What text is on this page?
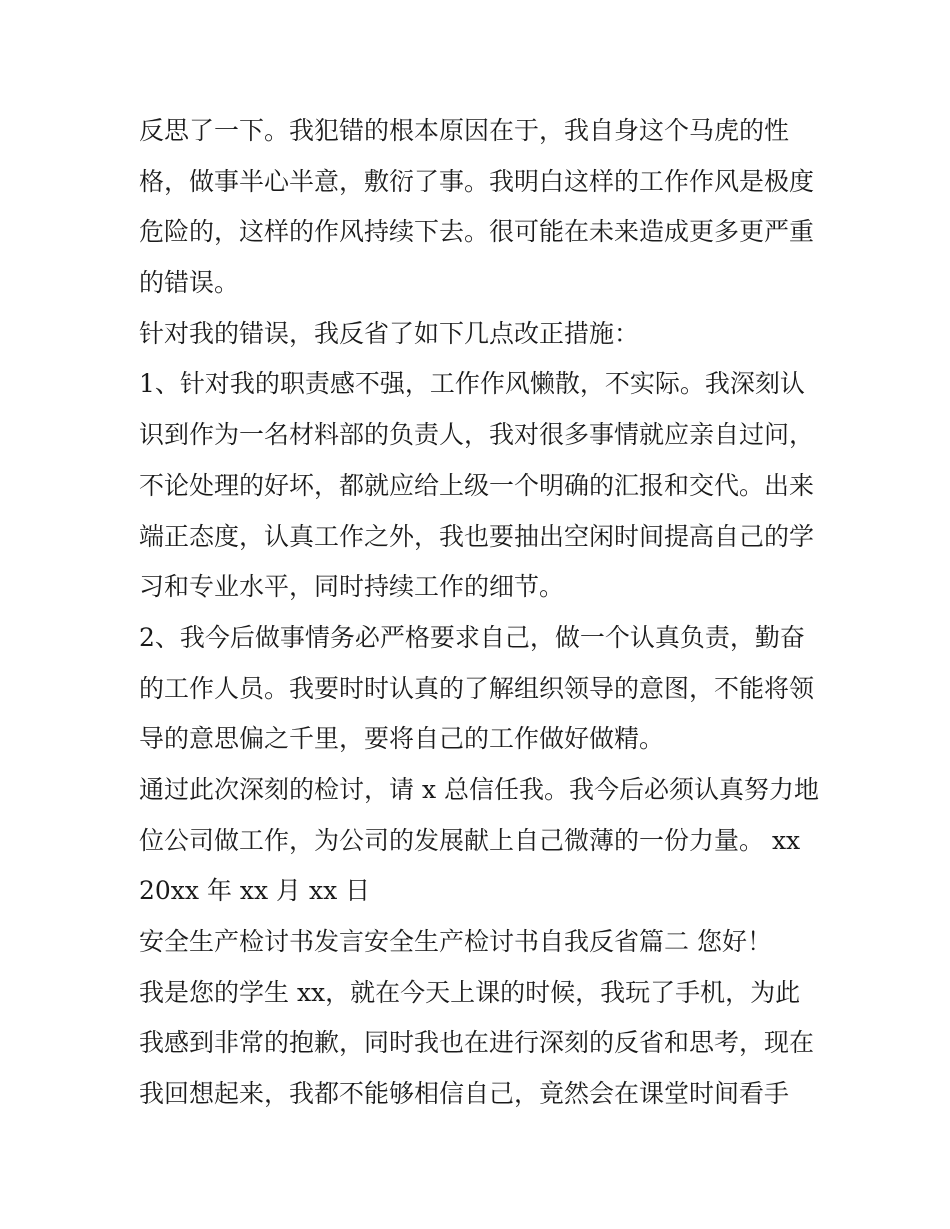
反思了一下。我犯错的根本原因在于，我自身这个马虎的性
格，做事半心半意，敷衍了事。我明白这样的工作作风是极度
危险的，这样的作风持续下去。很可能在未来造成更多更严重
的错误。
针对我的错误，我反省了如下几点改正措施：
1、针对我的职责感不强，工作作风懒散，不实际。我深刻认
识到作为一名材料部的负责人，我对很多事情就应亲自过问，
不论处理的好坏，都就应给上级一个明确的汇报和交代。出来
端正态度，认真工作之外，我也要抽出空闲时间提高自己的学
习和专业水平，同时持续工作的细节。
2、我今后做事情务必严格要求自己，做一个认真负责，勤奋
的工作人员。我要时时认真的了解组织领导的意图，不能将领
导的意思偏之千里，要将自己的工作做好做精。
通过此次深刻的检讨，请 x 总信任我。我今后必须认真努力地
位公司做工作，为公司的发展献上自己微薄的一份力量。 xx
20xx 年 xx 月 xx 日
安全生产检讨书发言安全生产检讨书自我反省篇二 您好！
我是您的学生 xx，就在今天上课的时候，我玩了手机，为此
我感到非常的抱歉，同时我也在进行深刻的反省和思考，现在
我回想起来，我都不能够相信自己，竟然会在课堂时间看手
